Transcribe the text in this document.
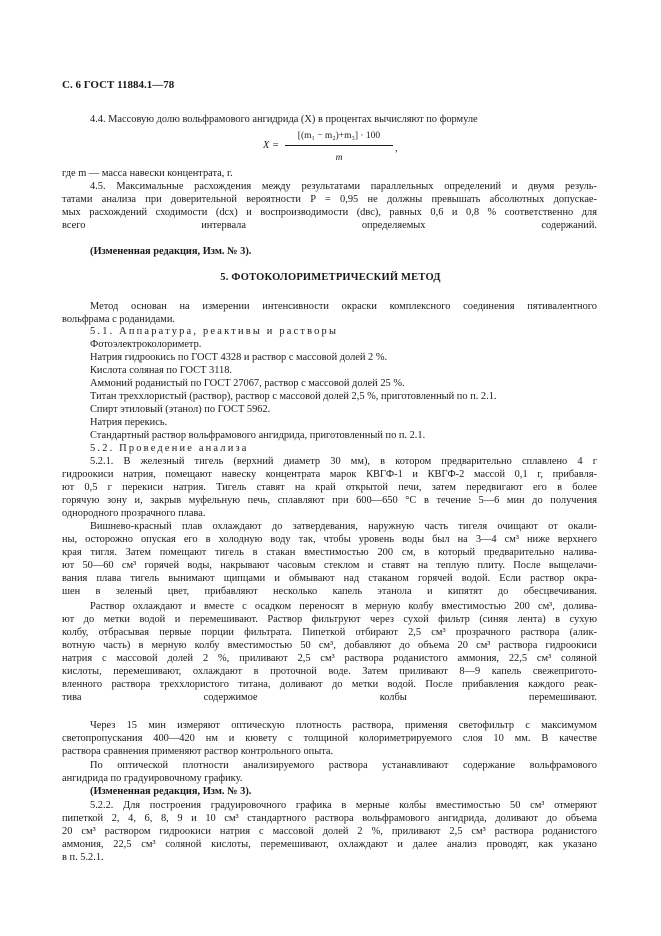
С. 6 ГОСТ 11884.1—78
4.4. Массовую долю вольфрамового ангидрида (X) в процентах вычисляют по формуле
X =
[(m₁ − m₂)+m₃] · 100
m
,
где m — масса навески концентрата, г.
4.5. Максимальные расхождения между результатами параллельных определений и двумя резуль-
татами анализа при доверительной вероятности P = 0,95 не должны превышать абсолютных допускае-
мых расхождений сходимости (dсх) и воспроизводимости (dвс), равных 0,6 и 0,8 % соответственно для
всего интервала определяемых содержаний.
(Измененная редакция, Изм. № 3).
5. ФОТОКОЛОРИМЕТРИЧЕСКИЙ МЕТОД
Метод основан на измерении интенсивности окраски комплексного соединения пятивалентного
вольфрама с роданидами.
5.1. Аппаратура, реактивы и растворы
Фотоэлектроколориметр.
Натрия гидроокись по ГОСТ 4328 и раствор с массовой долей 2 %.
Кислота соляная по ГОСТ 3118.
Аммоний роданистый по ГОСТ 27067, раствор с массовой долей 25 %.
Титан треххлористый (раствор), раствор с массовой долей 2,5 %, приготовленный по п. 2.1.
Спирт этиловый (этанол) по ГОСТ 5962.
Натрия перекись.
Стандартный раствор вольфрамового ангидрида, приготовленный по п. 2.1.
5.2. Проведение анализа
5.2.1. В железный тигель (верхний диаметр 30 мм), в котором предварительно сплавлено 4 г
гидроокиси натрия, помещают навеску концентрата марок КВГФ-1 и КВГФ-2 массой 0,1 г, прибавля-
ют 0,5 г перекиси натрия. Тигель ставят на край открытой печи, затем передвигают его в более
горячую зону и, закрыв муфельную печь, сплавляют при 600—650 °С в течение 5—6 мин до получения
однородного прозрачного плава.
Вишнево-красный плав охлаждают до затвердевания, наружную часть тигеля очищают от окали-
ны, осторожно опуская его в холодную воду так, чтобы уровень воды был на 3—4 см³ ниже верхнего
края тигля. Затем помещают тигель в стакан вместимостью 200 см, в который предварительно налива-
ют 50—60 см³ горячей воды, накрывают часовым стеклом и ставят на теплую плиту. После выщелачи-
вания плава тигель вынимают щипцами и обмывают над стаканом горячей водой. Если раствор окра-
шен в зеленый цвет, прибавляют несколько капель этанола и кипятят до обесцвечивания.
Раствор охлаждают и вместе с осадком переносят в мерную колбу вместимостью 200 см³, долива-
ют до метки водой и перемешивают. Раствор фильтруют через сухой фильтр (синяя лента) в сухую
колбу, отбрасывая первые порции фильтрата. Пипеткой отбирают 2,5 см³ прозрачного раствора (алик-
вотную часть) в мерную колбу вместимостью 50 см³, добавляют до объема 20 см³ раствора гидроокиси
натрия с массовой долей 2 %, приливают 2,5 см³ раствора роданистого аммония, 22,5 см³ соляной
кислоты, перемешивают, охлаждают в проточной воде. Затем приливают 8—9 капель свежепригото-
вленного раствора треххлористого титана, доливают до метки водой. После прибавления каждого реак-
тива содержимое колбы перемешивают.
Через 15 мин измеряют оптическую плотность раствора, применяя светофильтр с максимумом
светопропускания 400—420 нм и кювету с толщиной колориметрируемого слоя 10 мм. В качестве
раствора сравнения применяют раствор контрольного опыта.
По оптической плотности анализируемого раствора устанавливают содержание вольфрамового
ангидрида по градуировочному графику.
(Измененная редакция, Изм. № 3).
5.2.2. Для построения градуировочного графика в мерные колбы вместимостью 50 см³ отмеряют
пипеткой 2, 4, 6, 8, 9 и 10 см³ стандартного раствора вольфрамового ангидрида, доливают до объема
20 см³ раствором гидроокиси натрия с массовой долей 2 %, приливают 2,5 см³ раствора роданистого
аммония, 22,5 см³ соляной кислоты, перемешивают, охлаждают и далее анализ проводят, как указано
в п. 5.2.1.
